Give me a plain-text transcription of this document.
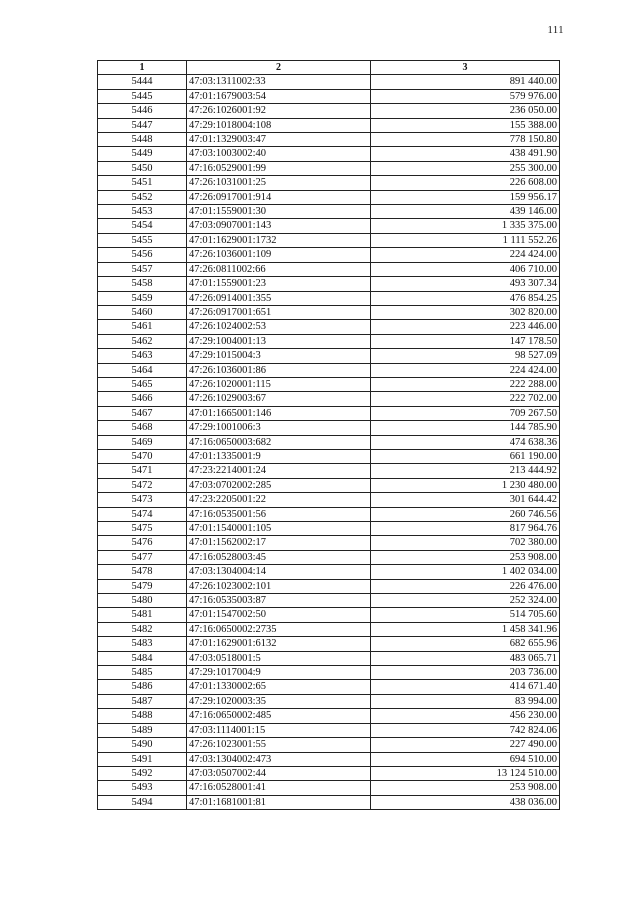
111
1	2	3
5444	47:03:1311002:33	891 440.00
5445	47:01:1679003:54	579 976.00
5446	47:26:1026001:92	236 050.00
5447	47:29:1018004:108	155 388.00
5448	47:01:1329003:47	778 150.80
5449	47:03:1003002:40	438 491.90
5450	47:16:0529001:99	255 300.00
5451	47:26:1031001:25	226 608.00
5452	47:26:0917001:914	159 956.17
5453	47:01:1559001:30	439 146.00
5454	47:03:0907001:143	1 335 375.00
5455	47:01:1629001:1732	1 111 552.26
5456	47:26:1036001:109	224 424.00
5457	47:26:0811002:66	406 710.00
5458	47:01:1559001:23	493 307.34
5459	47:26:0914001:355	476 854.25
5460	47:26:0917001:651	302 820.00
5461	47:26:1024002:53	223 446.00
5462	47:29:1004001:13	147 178.50
5463	47:29:1015004:3	98 527.09
5464	47:26:1036001:86	224 424.00
5465	47:26:1020001:115	222 288.00
5466	47:26:1029003:67	222 702.00
5467	47:01:1665001:146	709 267.50
5468	47:29:1001006:3	144 785.90
5469	47:16:0650003:682	474 638.36
5470	47:01:1335001:9	661 190.00
5471	47:23:2214001:24	213 444.92
5472	47:03:0702002:285	1 230 480.00
5473	47:23:2205001:22	301 644.42
5474	47:16:0535001:56	260 746.56
5475	47:01:1540001:105	817 964.76
5476	47:01:1562002:17	702 380.00
5477	47:16:0528003:45	253 908.00
5478	47:03:1304004:14	1 402 034.00
5479	47:26:1023002:101	226 476.00
5480	47:16:0535003:87	252 324.00
5481	47:01:1547002:50	514 705.60
5482	47:16:0650002:2735	1 458 341.96
5483	47:01:1629001:6132	682 655.96
5484	47:03:0518001:5	483 065.71
5485	47:29:1017004:9	203 736.00
5486	47:01:1330002:65	414 671.40
5487	47:29:1020003:35	83 994.00
5488	47:16:0650002:485	456 230.00
5489	47:03:1114001:15	742 824.06
5490	47:26:1023001:55	227 490.00
5491	47:03:1304002:473	694 510.00
5492	47:03:0507002:44	13 124 510.00
5493	47:16:0528001:41	253 908.00
5494	47:01:1681001:81	438 036.00
